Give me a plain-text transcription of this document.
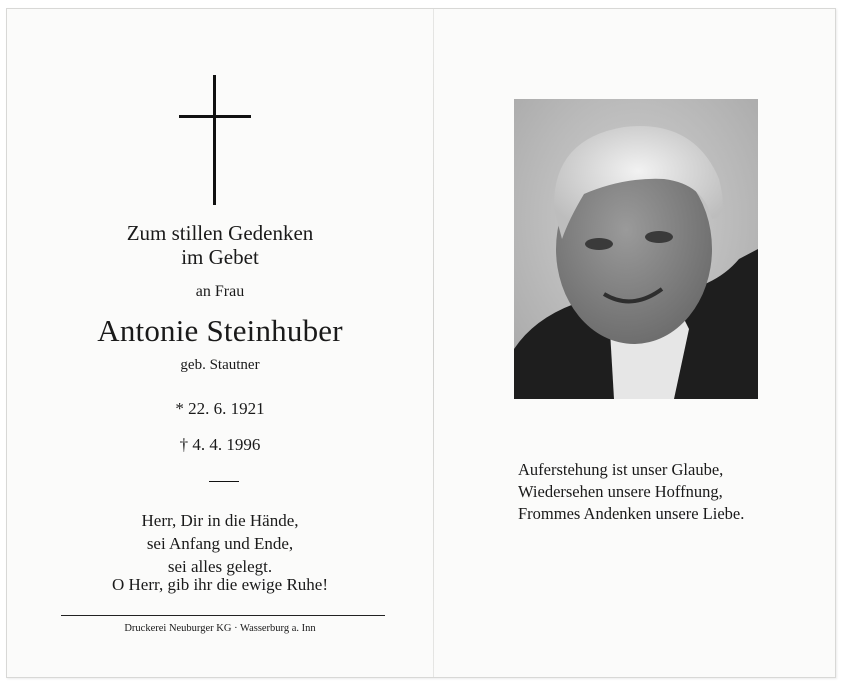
Zum stillen Gedenken
im Gebet
an Frau
Antonie Steinhuber
geb. Stautner
* 22. 6. 1921
† 4. 4. 1996
Herr, Dir in die Hände,
sei Anfang und Ende,
sei alles gelegt.
O Herr, gib ihr die ewige Ruhe!
Druckerei Neuburger KG · Wasserburg a. Inn
Auferstehung ist unser Glaube,
Wiedersehen unsere Hoffnung,
Frommes Andenken unsere Liebe.
